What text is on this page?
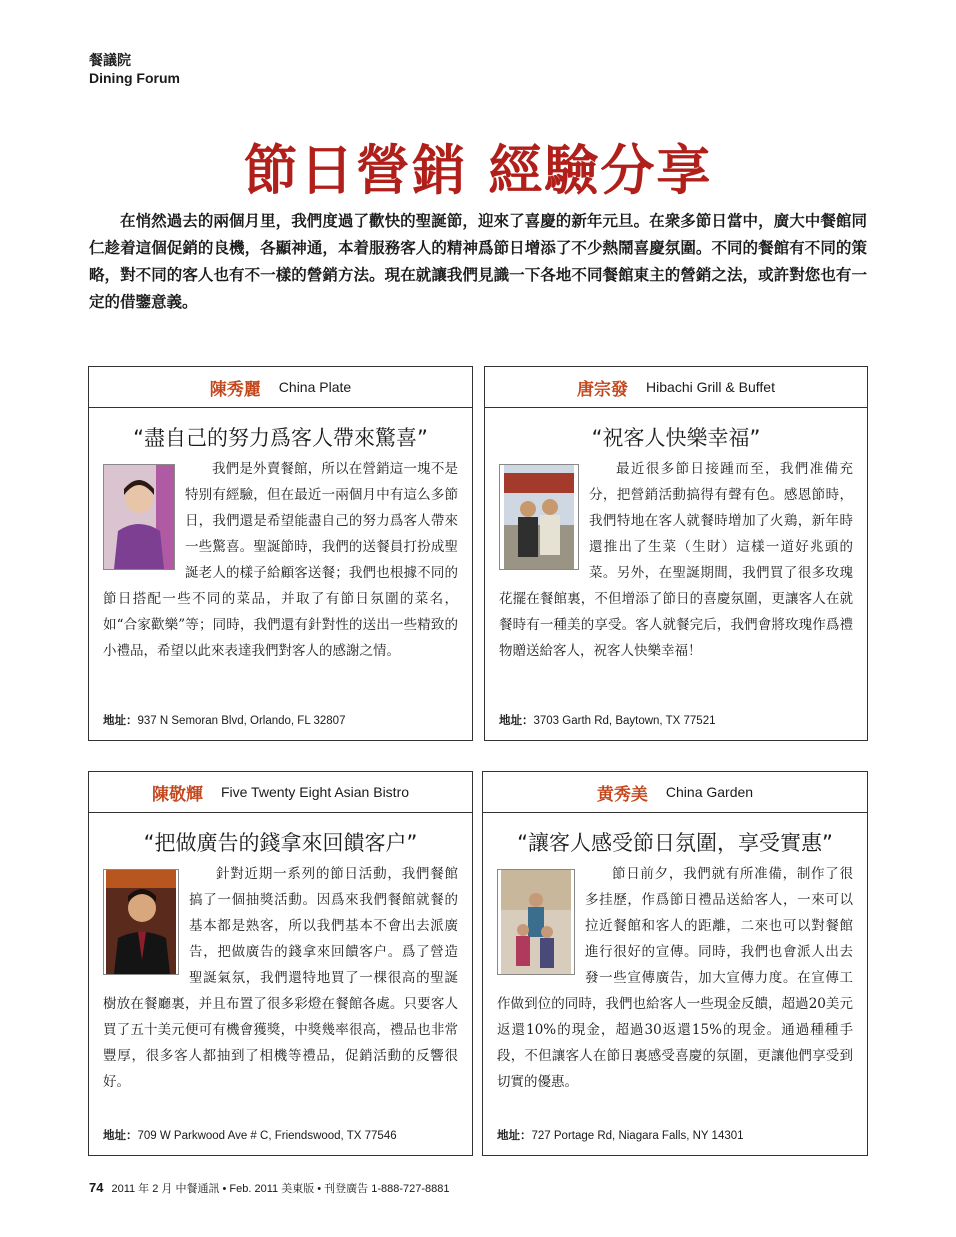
餐議院
Dining Forum
節日營銷 經驗分享
在悄然過去的兩個月里，我們度過了歡快的聖誕節，迎來了喜慶的新年元旦。在衆多節日當中，廣大中餐館同仁趁着這個促銷的良機，各顯神通，本着服務客人的精神爲節日增添了不少熱鬧喜慶氛圍。不同的餐館有不同的策略，對不同的客人也有不一樣的營銷方法。現在就讓我們見識一下各地不同餐館東主的營銷之法，或許對您也有一定的借鑒意義。
陳秀麗 China Plate
“盡自己的努力爲客人帶來驚喜”

我們是外賣餐館，所以在營銷這一塊不是特别有經驗，但在最近一兩個月中有這么多節日，我們還是希望能盡自己的努力爲客人帶來一些驚喜。聖誕節時，我們的送餐員打扮成聖誕老人的樣子給顧客送餐；我們也根據不同的節日搭配一些不同的菜品，并取了有節日氛圍的菜名，如“合家歡樂”等；同時，我們還有針對性的送出一些精致的小禮品，希望以此來表達我們對客人的感謝之情。

地址：937 N Semoran Blvd, Orlando, FL 32807
唐宗發 Hibachi Grill & Buffet
“祝客人快樂幸福”

最近很多節日接踵而至，我們准備充分，把營銷活動搞得有聲有色。感恩節時，我們特地在客人就餐時增加了火鶏，新年時還推出了生菜（生財）這樣一道好兆頭的菜。另外，在聖誕期間，我們買了很多玫瑰花擺在餐館裏，不但增添了節日的喜慶氛圍，更讓客人在就餐時有一種美的享受。客人就餐完后，我們會將玫瑰作爲禮物贈送給客人，祝客人快樂幸福！

地址：3703 Garth Rd, Baytown, TX 77521
陳敬輝 Five Twenty Eight Asian Bistro
“把做廣告的錢拿來回饋客户”

針對近期一系列的節日活動，我們餐館搞了一個抽獎活動。因爲來我們餐館就餐的基本都是熟客，所以我們基本不會出去派廣告，把做廣告的錢拿來回饋客户。爲了營造聖誕氣氛，我們還特地買了一棵很高的聖誕樹放在餐廳裏，并且布置了很多彩燈在餐館各處。只要客人買了五十美元便可有機會獲獎，中獎幾率很高，禮品也非常豐厚，很多客人都抽到了相機等禮品，促銷活動的反響很好。

地址：709 W Parkwood Ave # C, Friendswood, TX 77546
黄秀美 China Garden
“讓客人感受節日氛圍，享受實惠”

節日前夕，我們就有所准備，制作了很多挂歷，作爲節日禮品送給客人，一來可以拉近餐館和客人的距離，二來也可以對餐館進行很好的宣傳。同時，我們也會派人出去發一些宣傳廣告，加大宣傳力度。在宣傳工作做到位的同時，我們也給客人一些現金反饋，超過20美元返還10%的現金，超過30返還15%的現金。通過種種手段，不但讓客人在節日裏感受喜慶的氛圍，更讓他們享受到切實的優惠。

地址：727 Portage Rd, Niagara Falls, NY 14301
74 2011 年 2 月 中餐通訊 • Feb. 2011 美東版 • 刊登廣告 1-888-727-8881
